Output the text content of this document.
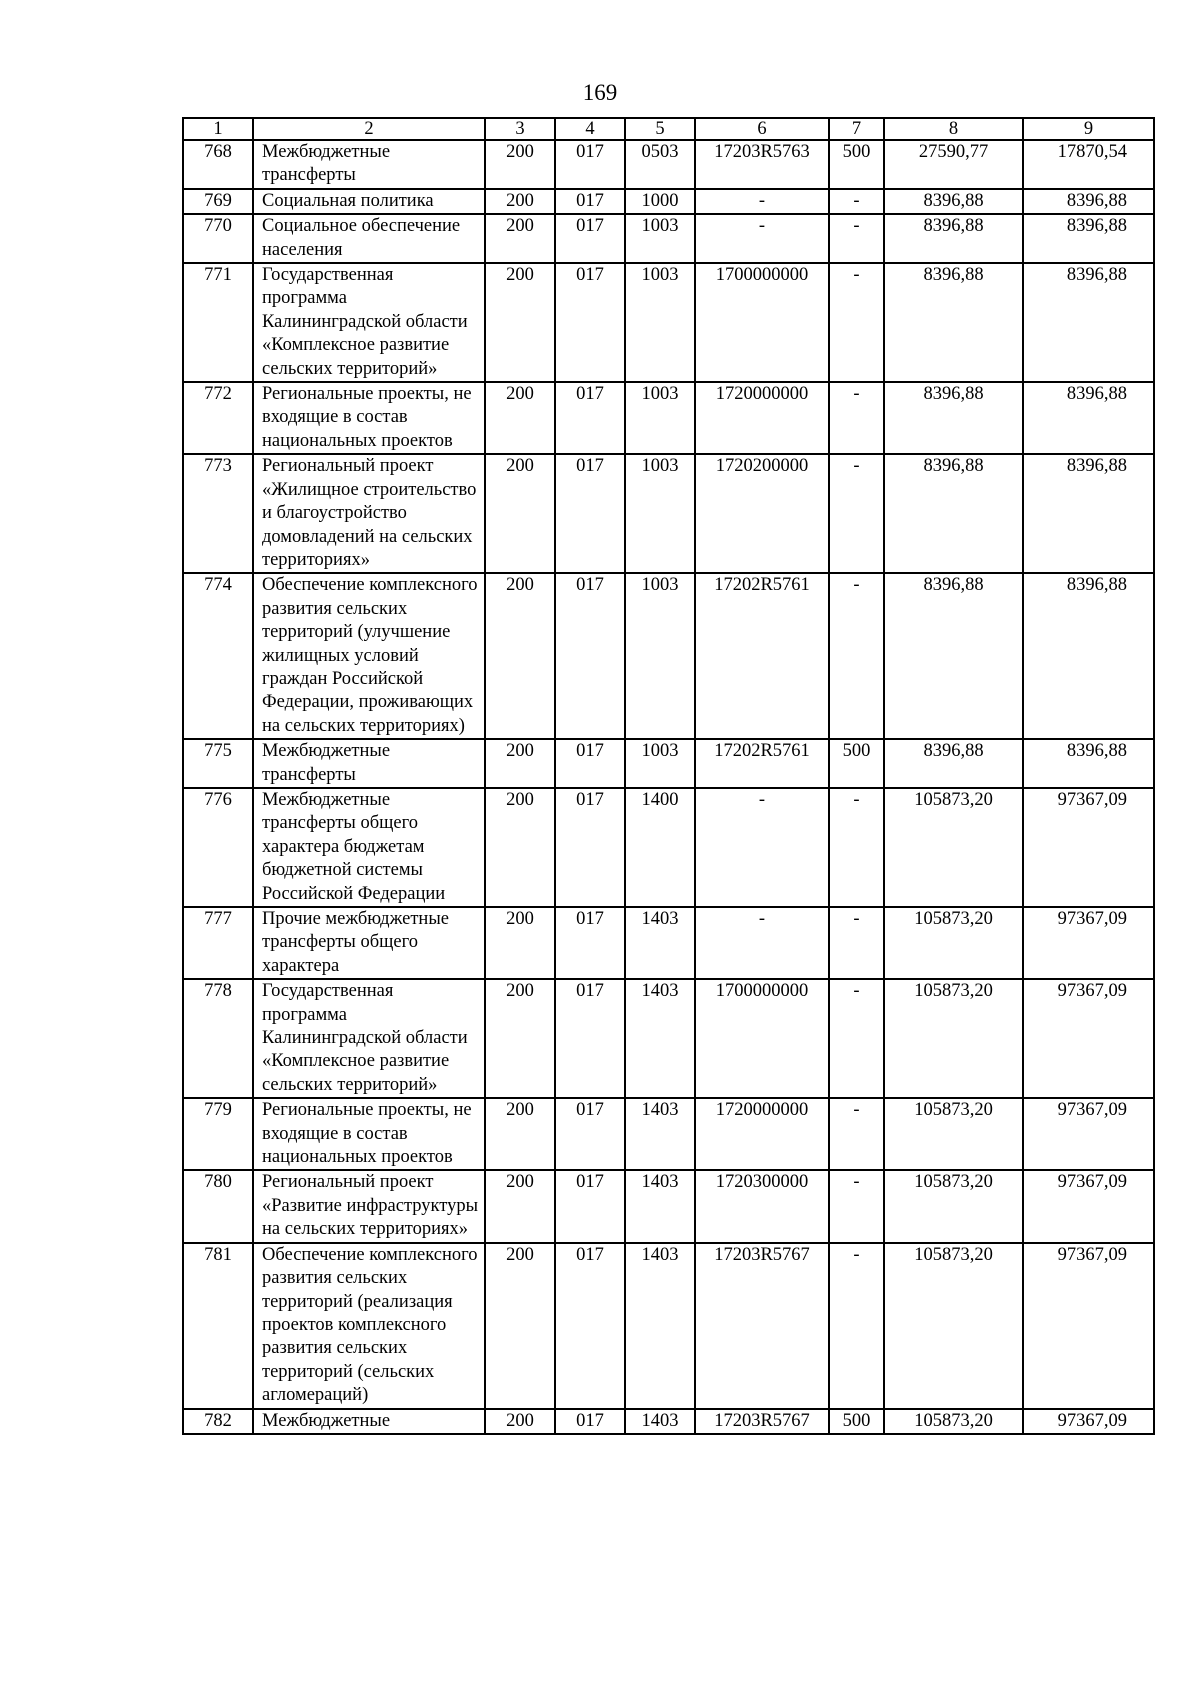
169
1	2	3	4	5	6	7	8	9
768	Межбюджетные трансферты	200	017	0503	17203R5763	500	27590,77	17870,54
769	Социальная политика	200	017	1000	-	-	8396,88	8396,88
770	Социальное обеспечение населения	200	017	1003	-	-	8396,88	8396,88
771	Государственная программа Калининградской области «Комплексное развитие сельских территорий»	200	017	1003	1700000000	-	8396,88	8396,88
772	Региональные проекты, не входящие в состав национальных проектов	200	017	1003	1720000000	-	8396,88	8396,88
773	Региональный проект «Жилищное строительство и благоустройство домовладений на сельских территориях»	200	017	1003	1720200000	-	8396,88	8396,88
774	Обеспечение комплексного развития сельских территорий (улучшение жилищных условий граждан Российской Федерации, проживающих на сельских территориях)	200	017	1003	17202R5761	-	8396,88	8396,88
775	Межбюджетные трансферты	200	017	1003	17202R5761	500	8396,88	8396,88
776	Межбюджетные трансферты общего характера бюджетам бюджетной системы Российской Федерации	200	017	1400	-	-	105873,20	97367,09
777	Прочие межбюджетные трансферты общего характера	200	017	1403	-	-	105873,20	97367,09
778	Государственная программа Калининградской области «Комплексное развитие сельских территорий»	200	017	1403	1700000000	-	105873,20	97367,09
779	Региональные проекты, не входящие в состав национальных проектов	200	017	1403	1720000000	-	105873,20	97367,09
780	Региональный проект «Развитие инфраструктуры на сельских территориях»	200	017	1403	1720300000	-	105873,20	97367,09
781	Обеспечение комплексного развития сельских территорий (реализация проектов комплексного развития сельских территорий (сельских агломераций)	200	017	1403	17203R5767	-	105873,20	97367,09
782	Межбюджетные	200	017	1403	17203R5767	500	105873,20	97367,09
